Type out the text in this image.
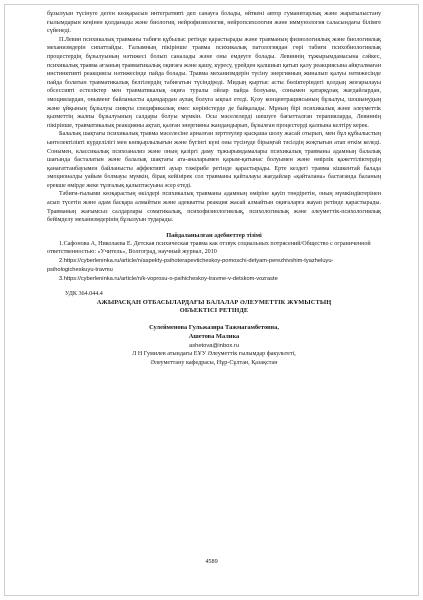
бұзылуын түсінуге деген көзқарасын интегративті деп санауға болады, өйткені автор гуманитарлық және жаратылыстану ғылымдарын кеңінен қолданады және биология, нейрофизиология, нейропсихология және иммунология саласындағы білімге сүйенеді.

П.Левин психикалық травманы табиғи құбылыс ретінде қарастырады және травманың физиологиялық және биологиялық механизмдерін сипаттайды. Ғалымның пікірінше травма психикалық патологиядан гөрі табиғи психобиологиялық процестердің бұзылуының нәтижесі болып саналады және оны емдеуге болады. Левиннің тұжырымдамасына сәйкес, психикалық травма ағзаның травматикалық оқиғаға және қашу, күресу, үрейден қалшиып қатып қалу реакциясына айқталмаған инстинктивті реакциясы нәтижесінде пайда болады. Травма механизмдерін түсіну энергияның жиналып қалуы нәтижесінде пайда болатын травматикалық белгілердің табиғатын түсіндіреді. Мидың қыртыс асты бөліктеріндегі қолдың жоғарылауы обсессивті естеліктер мен травматикалық оқиға туралы ойлар пайда болуына, сонымен қатарқұзақ жағдайлардан, эмоциялардан, оныменг байланысты адамдардан аулақ болуға ықпал етеді. Қозу концентрациясының бұзылуы, шошынудың және ұйқының бұзылуы сияқты спецификалық емес көріністерде де байқалады. Мұның бірі психикалық және әлеуметтік қызметтің жалпы бұзылуының салдары болуы мүмкін. Осы мәселелерді шешуге бағытталған терапияларда, Левиннің пікірінше, травматикалық реакцияны ақтап, қалған энергияны жандандырып, бұзылған процестерді қалпына келтіру керек.

Балалық шақтағы психикалық травма мәселесіне арналған зерттеулер қысқаша шолу жасай отырып, мен бұл құбылыстың ынтелектілікті күрделілігі мен көпқырлылығын және бүгінгі күні оны түсінуде бірыңғай тәсілдің жоқтығын атап өткім келеді. Сонымен, классикалық психоанализ және оның қазіргі даму тұжырымдамалары психикалық травманы адамның балалық шағында басталатын және балалық шақтағы ата-аналарымен қарым-қатынас болуымен және өмірлік қажеттіліктердің қанағаттанбауымен байланысты аффективті ауыр тәжірибе ретінде қарастырады. Ерте кездегі травма кішкентай балада эмоционалды уайым болмауы мүмкін, бірақ кейінірек сол травманы қайталауы жағдайлар «қайталана» бастағанда баланың ерекше өмірде жеке тұлғалық қалыптасуына әсер етеді.

Тәбиғи-ғылыми көзқарастың өкілдері психикалық травманы адамның өміріне қауіп төндіретін, оның мүмкіндіктерінен асып түсетін және адам басқара алмайтын және адекватты реакция жасай алмайтын оқиғаларға жауап ретінде қарастырады. Травманың жағымсыз салдарлары соматикалық, психофизиологиялық, психологиялық және әлеуметтік-психологиялық бейімделу механизмдерінің бұзылуын тударады.

Пайдаланылған әдебиеттер тізімі
1.Сафонова А, Николаева Е. Детская психическая травма как отзвук социальных потрясений/Общество с ограниченной ответственностью: «Учитель», Волгоград, научный журнал, 2010
2.https://cyberleninka.ru/article/n/aspekty-psihoterapevticheskoy-pomoschi-detyam-perezhivshim-tyazheluyu-psihologicheskuyu-travmu
3.https://cyberleninka.ru/article/n/k-voprosu-o-psihicheskoy-travme-v-detskom-vozraste
УДК 364.044.4
АЖЫРАСҚАН ОТБАСЫЛАРДАҒЫ БАЛАЛАР ӘЛЕУМЕТТІК ЖҰМЫСТЫҢ
ОБЪЕКТІСІ РЕТІНДЕ
Сулейменова Гульжазира Тажмагамбетовна,
Ашетова Малика
ashetova@inbox.ru
Л Н Гумилев атындағы ЕҰУ Әлеуметтік ғылымдар факультеті,
Әлеуметтану кафедрасы, Нұр-Сұлтан, Қазақстан
4589
